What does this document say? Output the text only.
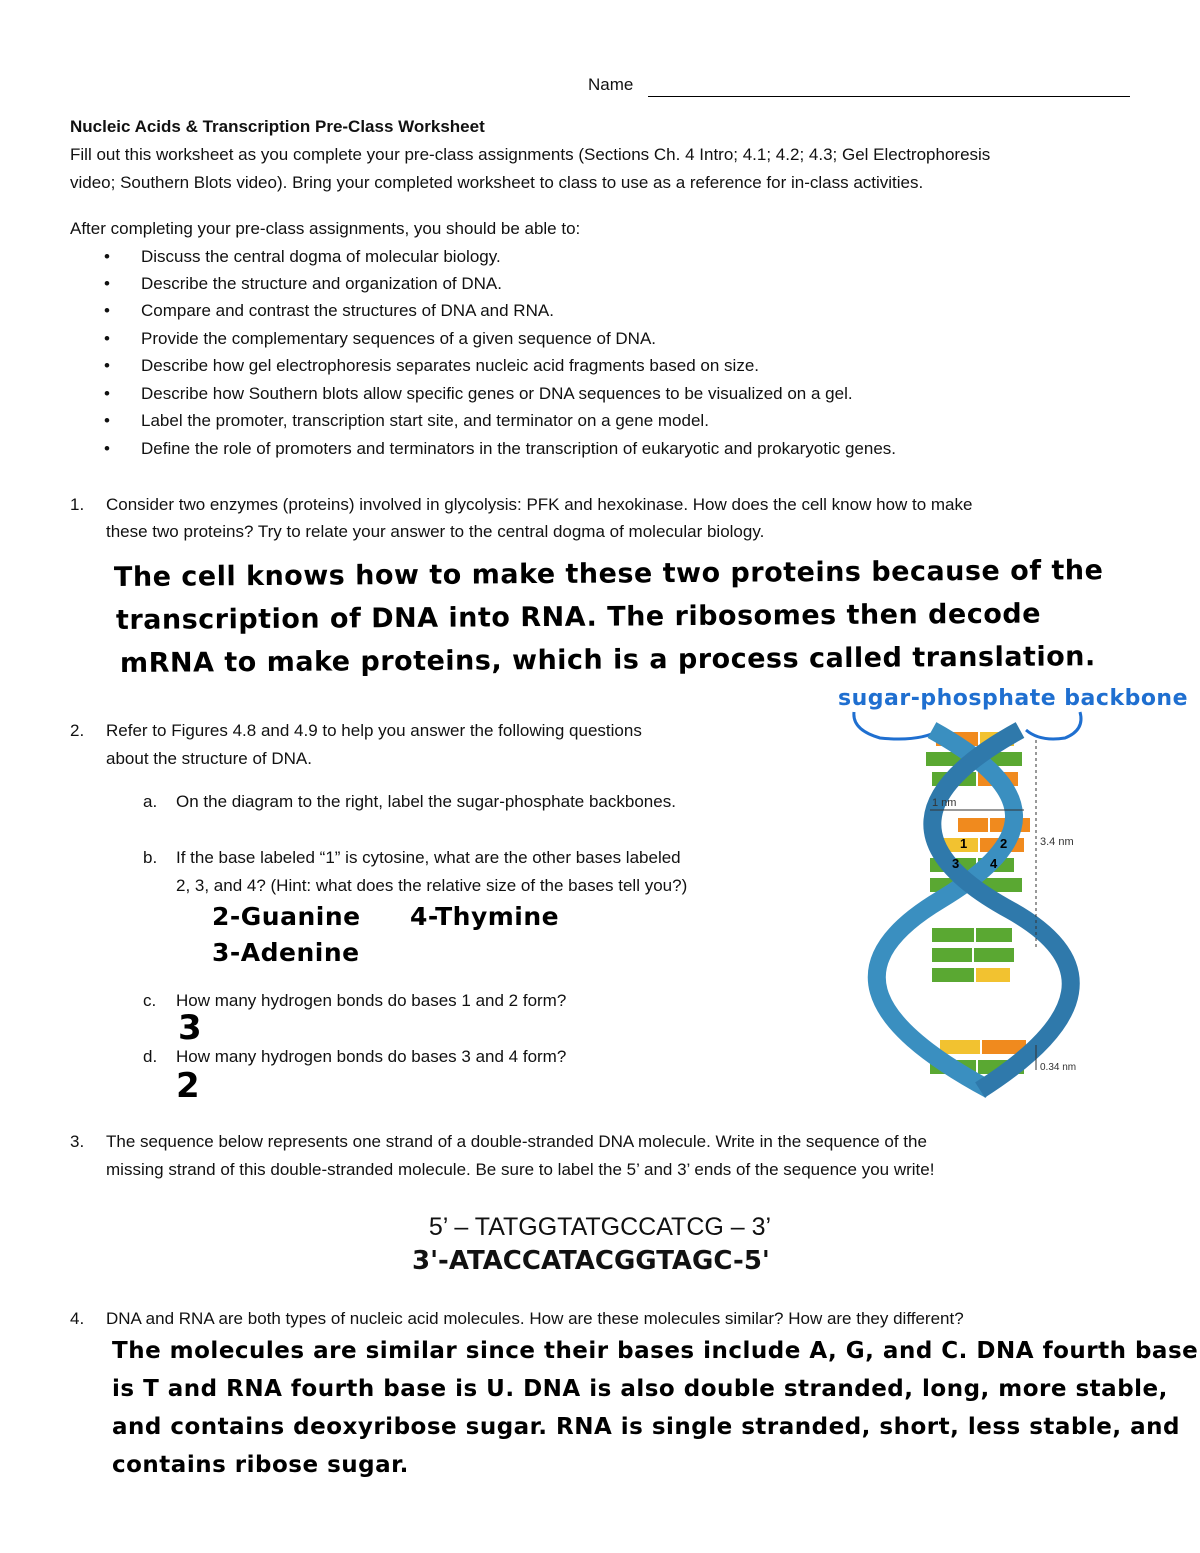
Name
Nucleic Acids & Transcription Pre-Class Worksheet
Fill out this worksheet as you complete your pre-class assignments (Sections Ch. 4 Intro; 4.1; 4.2; 4.3; Gel Electrophoresis
video; Southern Blots video). Bring your completed worksheet to class to use as a reference for in-class activities.
After completing your pre-class assignments, you should be able to:
• Discuss the central dogma of molecular biology.
• Describe the structure and organization of DNA.
• Compare and contrast the structures of DNA and RNA.
• Provide the complementary sequences of a given sequence of DNA.
• Describe how gel electrophoresis separates nucleic acid fragments based on size.
• Describe how Southern blots allow specific genes or DNA sequences to be visualized on a gel.
• Label the promoter, transcription start site, and terminator on a gene model.
• Define the role of promoters and terminators in the transcription of eukaryotic and prokaryotic genes.
1. Consider two enzymes (proteins) involved in glycolysis: PFK and hexokinase. How does the cell know how to make
these two proteins? Try to relate your answer to the central dogma of molecular biology.
The cell knows how to make these two proteins because of the
transcription of DNA into RNA. The ribosomes then decode
mRNA to make proteins, which is a process called translation.
2. Refer to Figures 4.8 and 4.9 to help you answer the following questions
about the structure of DNA.
a. On the diagram to the right, label the sugar-phosphate backbones.
b. If the base labeled “1” is cytosine, what are the other bases labeled
2, 3, and 4? (Hint: what does the relative size of the bases tell you?)
2-Guanine 4-Thymine
3-Adenine
c. How many hydrogen bonds do bases 1 and 2 form?
3
d. How many hydrogen bonds do bases 3 and 4 form?
2
sugar-phosphate backbone
1	2
3 4
1 nm
3.4 nm
0.34 nm
3. The sequence below represents one strand of a double-stranded DNA molecule. Write in the sequence of the
missing strand of this double-stranded molecule. Be sure to label the 5’ and 3’ ends of the sequence you write!
5’ – TATGGTATGCCATCG – 3’
3'-ATACCATACGGTAGC-5'
4. DNA and RNA are both types of nucleic acid molecules. How are these molecules similar? How are they different?
The molecules are similar since their bases include A, G, and C. DNA fourth base
is T and RNA fourth base is U. DNA is also double stranded, long, more stable,
and contains deoxyribose sugar. RNA is single stranded, short, less stable, and
contains ribose sugar.
